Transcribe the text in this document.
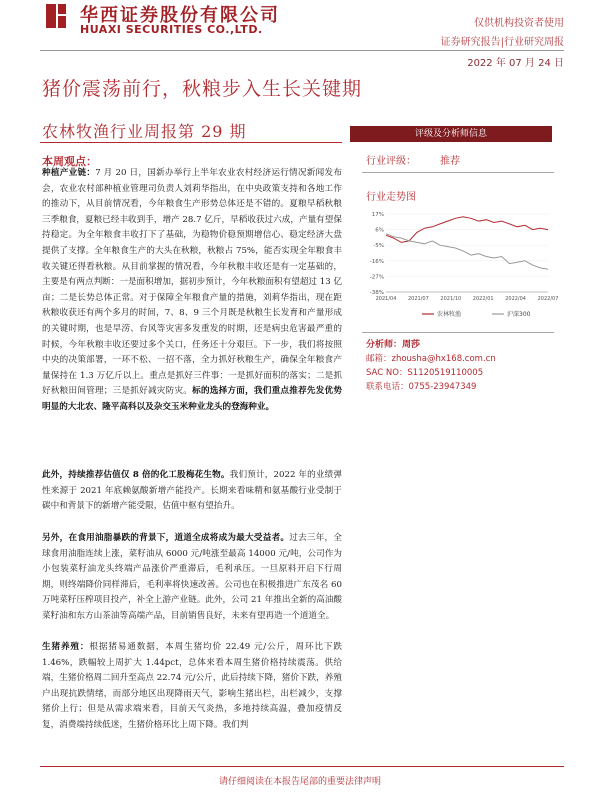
华西证券股份有限公司
HUAXI SECURITIES CO.,LTD.	仅供机构投资者使用
证券研究报告|行业研究周报
2022 年 07 月 24 日
猪价震荡前行，秋粮步入生长关键期
农林牧渔行业周报第 29 期
本周观点：
种植产业链：7 月 20 日，国新办举行上半年农业农村经济运行情况新闻发布会，农业农村部种植业管理司负责人刘莉华指出，在中央政策支持和各地工作的推动下，从目前情况看，今年粮食生产形势总体还是不错的。夏粮早稻秋粮三季粮食，夏粮已经丰收到手，增产 28.7 亿斤，早稻收获过六成，产量有望保持稳定。为全年粮食丰收打下了基础，为稳物价稳预期增信心、稳定经济大盘提供了支撑。全年粮食生产的大头在秋粮，秋粮占 75%，能否实现全年粮食丰收关键还得看秋粮。从目前掌握的情况看，今年秋粮丰收还是有一定基础的，主要是有两点判断：一是面积增加，据初步预计，今年秋粮面积有望超过 13 亿亩；二是长势总体正常。对于保障全年粮食产量的措施，刘莉华指出，现在距秋粮收获还有两个多月的时间，7、8、9 三个月既是秋粮生长发育和产量形成的关键时期，也是旱涝、台风等灾害多发重发的时期，还是病虫危害最严重的时候，今年秋粮丰收还要过多个关口，任务还十分艰巨。下一步，我们将按照中央的决策部署，一环不松、一招不落，全力抓好秋粮生产，确保全年粮食产量保持在 1.3 万亿斤以上。重点是抓好三件事：一是抓好面积的落实；二是抓好秋粮田间管理；三是抓好减灾防灾。标的选择方面，我们重点推荐先发优势明显的大北农、隆平高科以及杂交玉米种业龙头的登海种业。
此外，持续推荐估值仅 8 倍的化工股梅花生物。我们预计，2022 年的业绩弹性来源于 2021 年底赖氨酸新增产能投产。长期来看味精和氨基酸行业受制于碳中和背景下的新增产能受限，估值中枢有望抬升。
另外，在食用油脂暴跌的背景下，道道全成将成为最大受益者。过去三年，全球食用油脂连续上涨，菜籽油从 6000 元/吨涨至最高 14000 元/吨，公司作为小包装菜籽油龙头终端产品涨价严重滞后，毛利承压。一旦原料开启下行周期，则终端降价同样滞后，毛利率将快速改善。公司也在积极推进广东茂名 60 万吨菜籽压榨项目投产，补全上游产业链。此外，公司 21 年推出全新的高油酸菜籽油和东方山茶油等高端产品，目前销售良好，未来有望再造一个道道全。
生猪养殖：根据猪易通数据，本周生猪均价 22.49 元/公斤，周环比下跌 1.46%，跌幅较上周扩大 1.44pct，总体来看本周生猪价格持续震荡。供给端，生猪价格周二回升至高点 22.74 元/公斤，此后持续下降，猪价下跌，养殖户出现抗跌情绪，而部分地区出现降雨天气，影响生猪出栏，出栏减少，支撑猪价上行；但是从需求端来看，目前天气炎热，多地持续高温，叠加疫情反复，消费端持续低迷，生猪价格环比上周下降。我们判
评级及分析师信息
行业评级： 推荐
行业走势图
17%
6%
-5%
-16%
-27%
-38%
2021/04 2021/07 2021/10 2022/01 2022/04 2022/07
农林牧渔	沪深300
分析师：周莎
邮箱：zhousha@hx168.com.cn
SAC NO：S1120519110005
联系电话：0755-23947349
请仔细阅读在本报告尾部的重要法律声明
